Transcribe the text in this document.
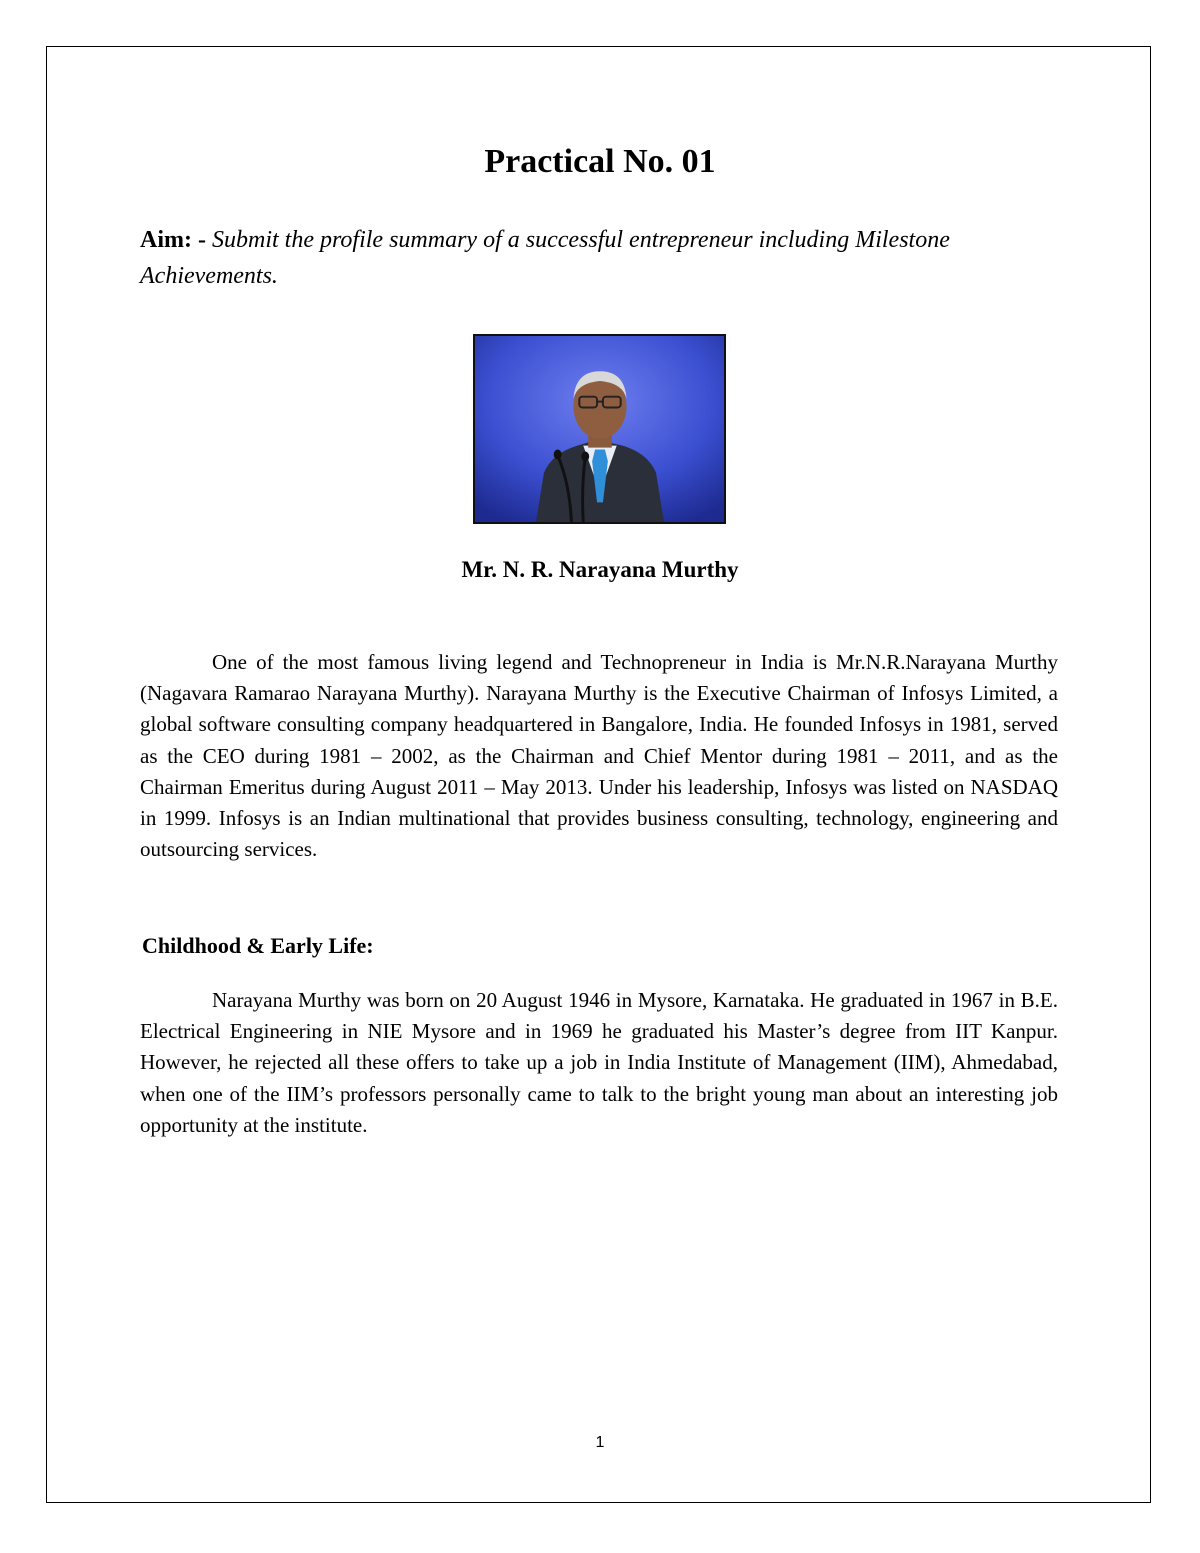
Practical No. 01

Aim: - Submit the profile summary of a successful entrepreneur including Milestone Achievements.

Mr. N. R. Narayana Murthy

One of the most famous living legend and Technopreneur in India is Mr.N.R.Narayana Murthy (Nagavara Ramarao Narayana Murthy). Narayana Murthy is the Executive Chairman of Infosys Limited, a global software consulting company headquartered in Bangalore, India. He founded Infosys in 1981, served as the CEO during 1981 – 2002, as the Chairman and Chief Mentor during 1981 – 2011, and as the Chairman Emeritus during August 2011 – May 2013. Under his leadership, Infosys was listed on NASDAQ in 1999. Infosys is an Indian multinational that provides business consulting, technology, engineering and outsourcing services.

Childhood & Early Life:

Narayana Murthy was born on 20 August 1946 in Mysore, Karnataka. He graduated in 1967 in B.E. Electrical Engineering in NIE Mysore and in 1969 he graduated his Master’s degree from IIT Kanpur. However, he rejected all these offers to take up a job in India Institute of Management (IIM), Ahmedabad, when one of the IIM’s professors personally came to talk to the bright young man about an interesting job opportunity at the institute.

1
